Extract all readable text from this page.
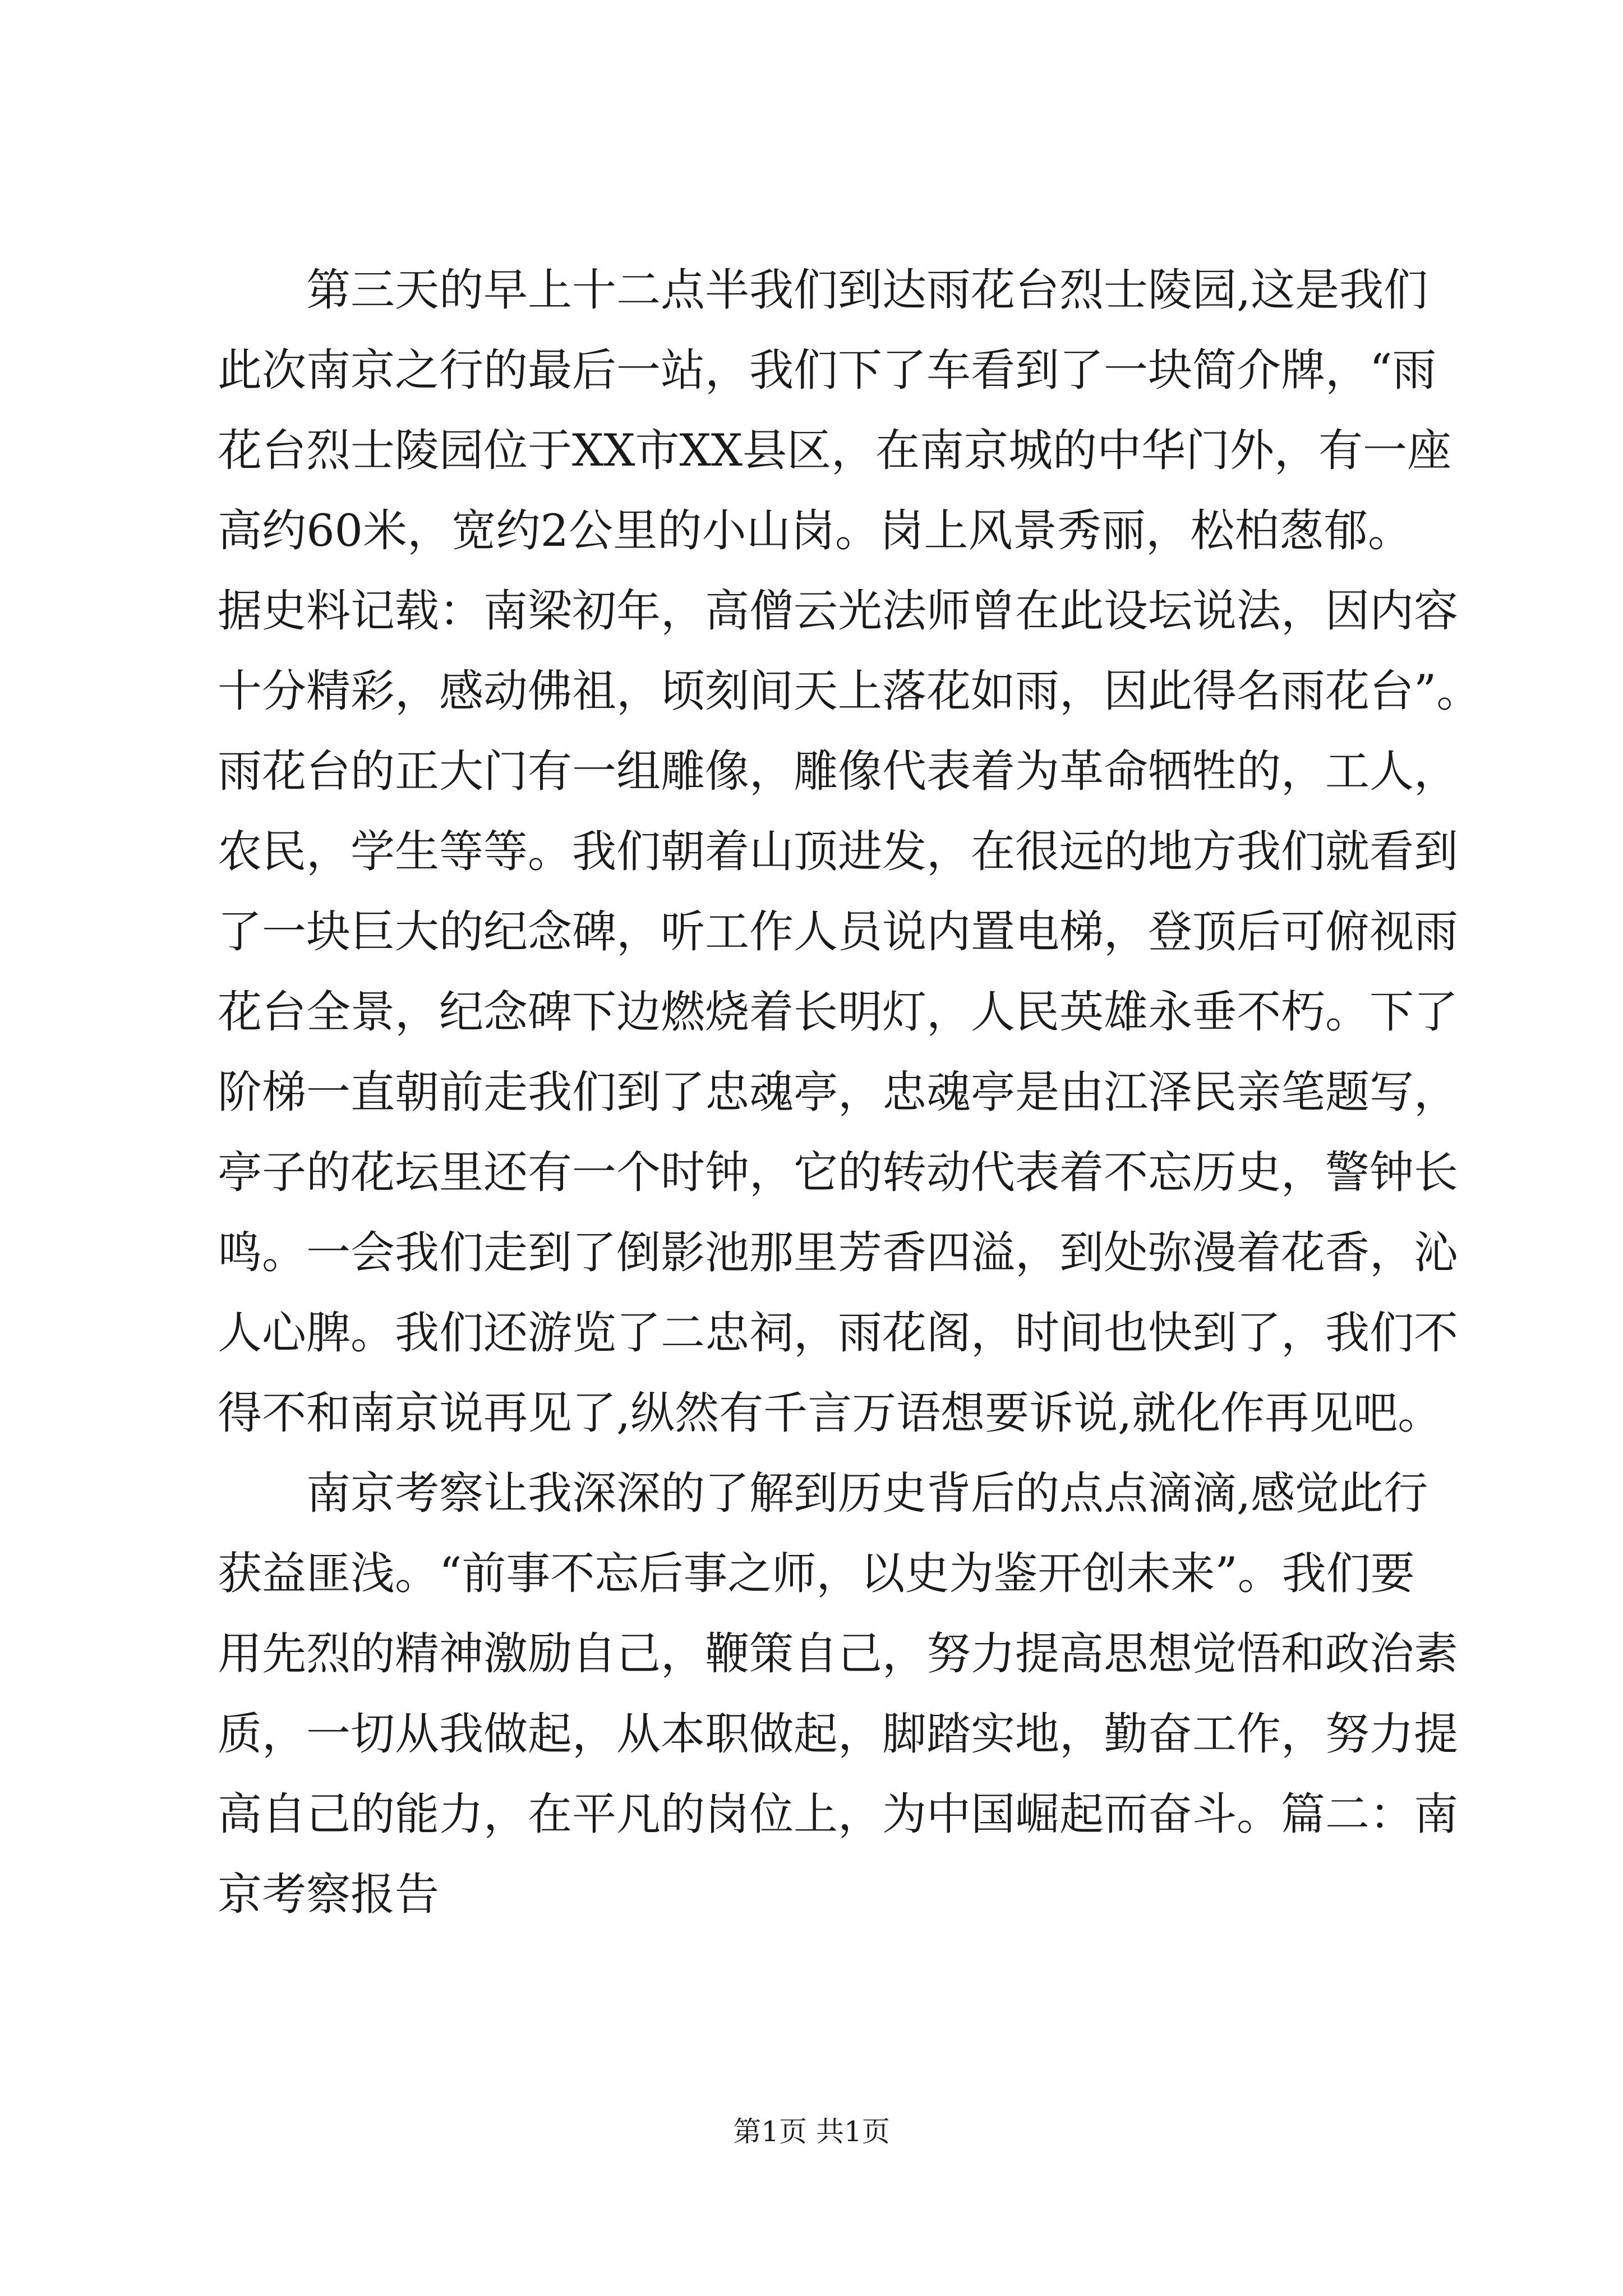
第三天的早上十二点半我们到达雨花台烈士陵园,这是我们
此次南京之行的最后一站，我们下了车看到了一块简介牌，“雨
花台烈士陵园位于XX市XX县区，在南京城的中华门外，有一座
高约60米，宽约2公里的小山岗。岗上风景秀丽，松柏葱郁。
据史料记载：南梁初年，高僧云光法师曾在此设坛说法，因内容
十分精彩，感动佛祖，顷刻间天上落花如雨，因此得名雨花台”。
雨花台的正大门有一组雕像，雕像代表着为革命牺牲的，工人，
农民，学生等等。我们朝着山顶进发，在很远的地方我们就看到
了一块巨大的纪念碑，听工作人员说内置电梯，登顶后可俯视雨
花台全景，纪念碑下边燃烧着长明灯，人民英雄永垂不朽。下了
阶梯一直朝前走我们到了忠魂亭，忠魂亭是由江泽民亲笔题写，
亭子的花坛里还有一个时钟，它的转动代表着不忘历史，警钟长
鸣。一会我们走到了倒影池那里芳香四溢，到处弥漫着花香，沁
人心脾。我们还游览了二忠祠，雨花阁，时间也快到了，我们不
得不和南京说再见了,纵然有千言万语想要诉说,就化作再见吧。
南京考察让我深深的了解到历史背后的点点滴滴,感觉此行
获益匪浅。“前事不忘后事之师，以史为鉴开创未来”。我们要
用先烈的精神激励自己，鞭策自己，努力提高思想觉悟和政治素
质，一切从我做起，从本职做起，脚踏实地，勤奋工作，努力提
高自己的能力，在平凡的岗位上，为中国崛起而奋斗。篇二：南
京考察报告
第1页 共1页
